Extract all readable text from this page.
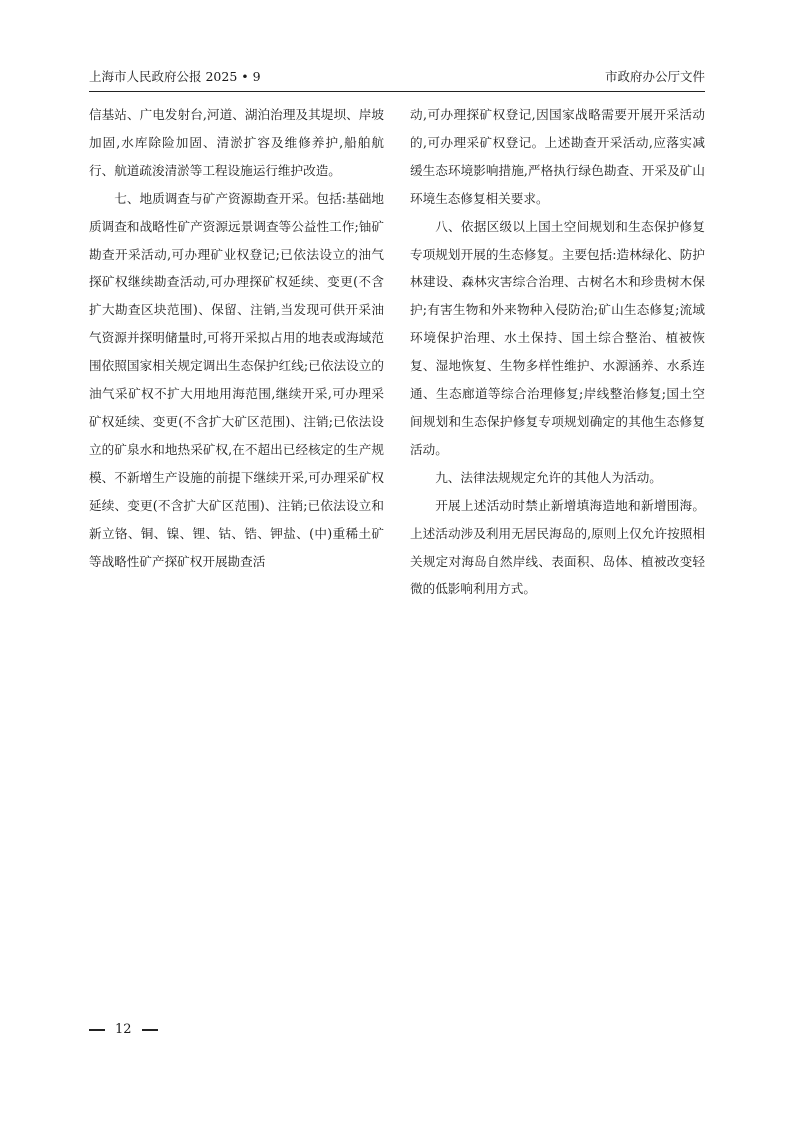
上海市人民政府公报 2025 • 9	市政府办公厅文件

信基站、广电发射台,河道、湖泊治理及其堤坝、岸坡加固,水库除险加固、清淤扩容及维修养护,船舶航行、航道疏浚清淤等工程设施运行维护改造。

七、地质调查与矿产资源勘查开采。包括:基础地质调查和战略性矿产资源远景调查等公益性工作;铀矿勘查开采活动,可办理矿业权登记;已依法设立的油气探矿权继续勘查活动,可办理探矿权延续、变更(不含扩大勘查区块范围)、保留、注销,当发现可供开采油气资源并探明储量时,可将开采拟占用的地表或海域范围依照国家相关规定调出生态保护红线;已依法设立的油气采矿权不扩大用地用海范围,继续开采,可办理采矿权延续、变更(不含扩大矿区范围)、注销;已依法设立的矿泉水和地热采矿权,在不超出已经核定的生产规模、不新增生产设施的前提下继续开采,可办理采矿权延续、变更(不含扩大矿区范围)、注销;已依法设立和新立铬、铜、镍、锂、钴、锆、钾盐、(中)重稀土矿等战略性矿产探矿权开展勘查活

动,可办理探矿权登记,因国家战略需要开展开采活动的,可办理采矿权登记。上述勘查开采活动,应落实减缓生态环境影响措施,严格执行绿色勘查、开采及矿山环境生态修复相关要求。

八、依据区级以上国土空间规划和生态保护修复专项规划开展的生态修复。主要包括:造林绿化、防护林建设、森林灾害综合治理、古树名木和珍贵树木保护;有害生物和外来物种入侵防治;矿山生态修复;流域环境保护治理、水土保持、国土综合整治、植被恢复、湿地恢复、生物多样性维护、水源涵养、水系连通、生态廊道等综合治理修复;岸线整治修复;国土空间规划和生态保护修复专项规划确定的其他生态修复活动。

九、法律法规规定允许的其他人为活动。

开展上述活动时禁止新增填海造地和新增围海。上述活动涉及利用无居民海岛的,原则上仅允许按照相关规定对海岛自然岸线、表面积、岛体、植被改变轻微的低影响利用方式。

12
